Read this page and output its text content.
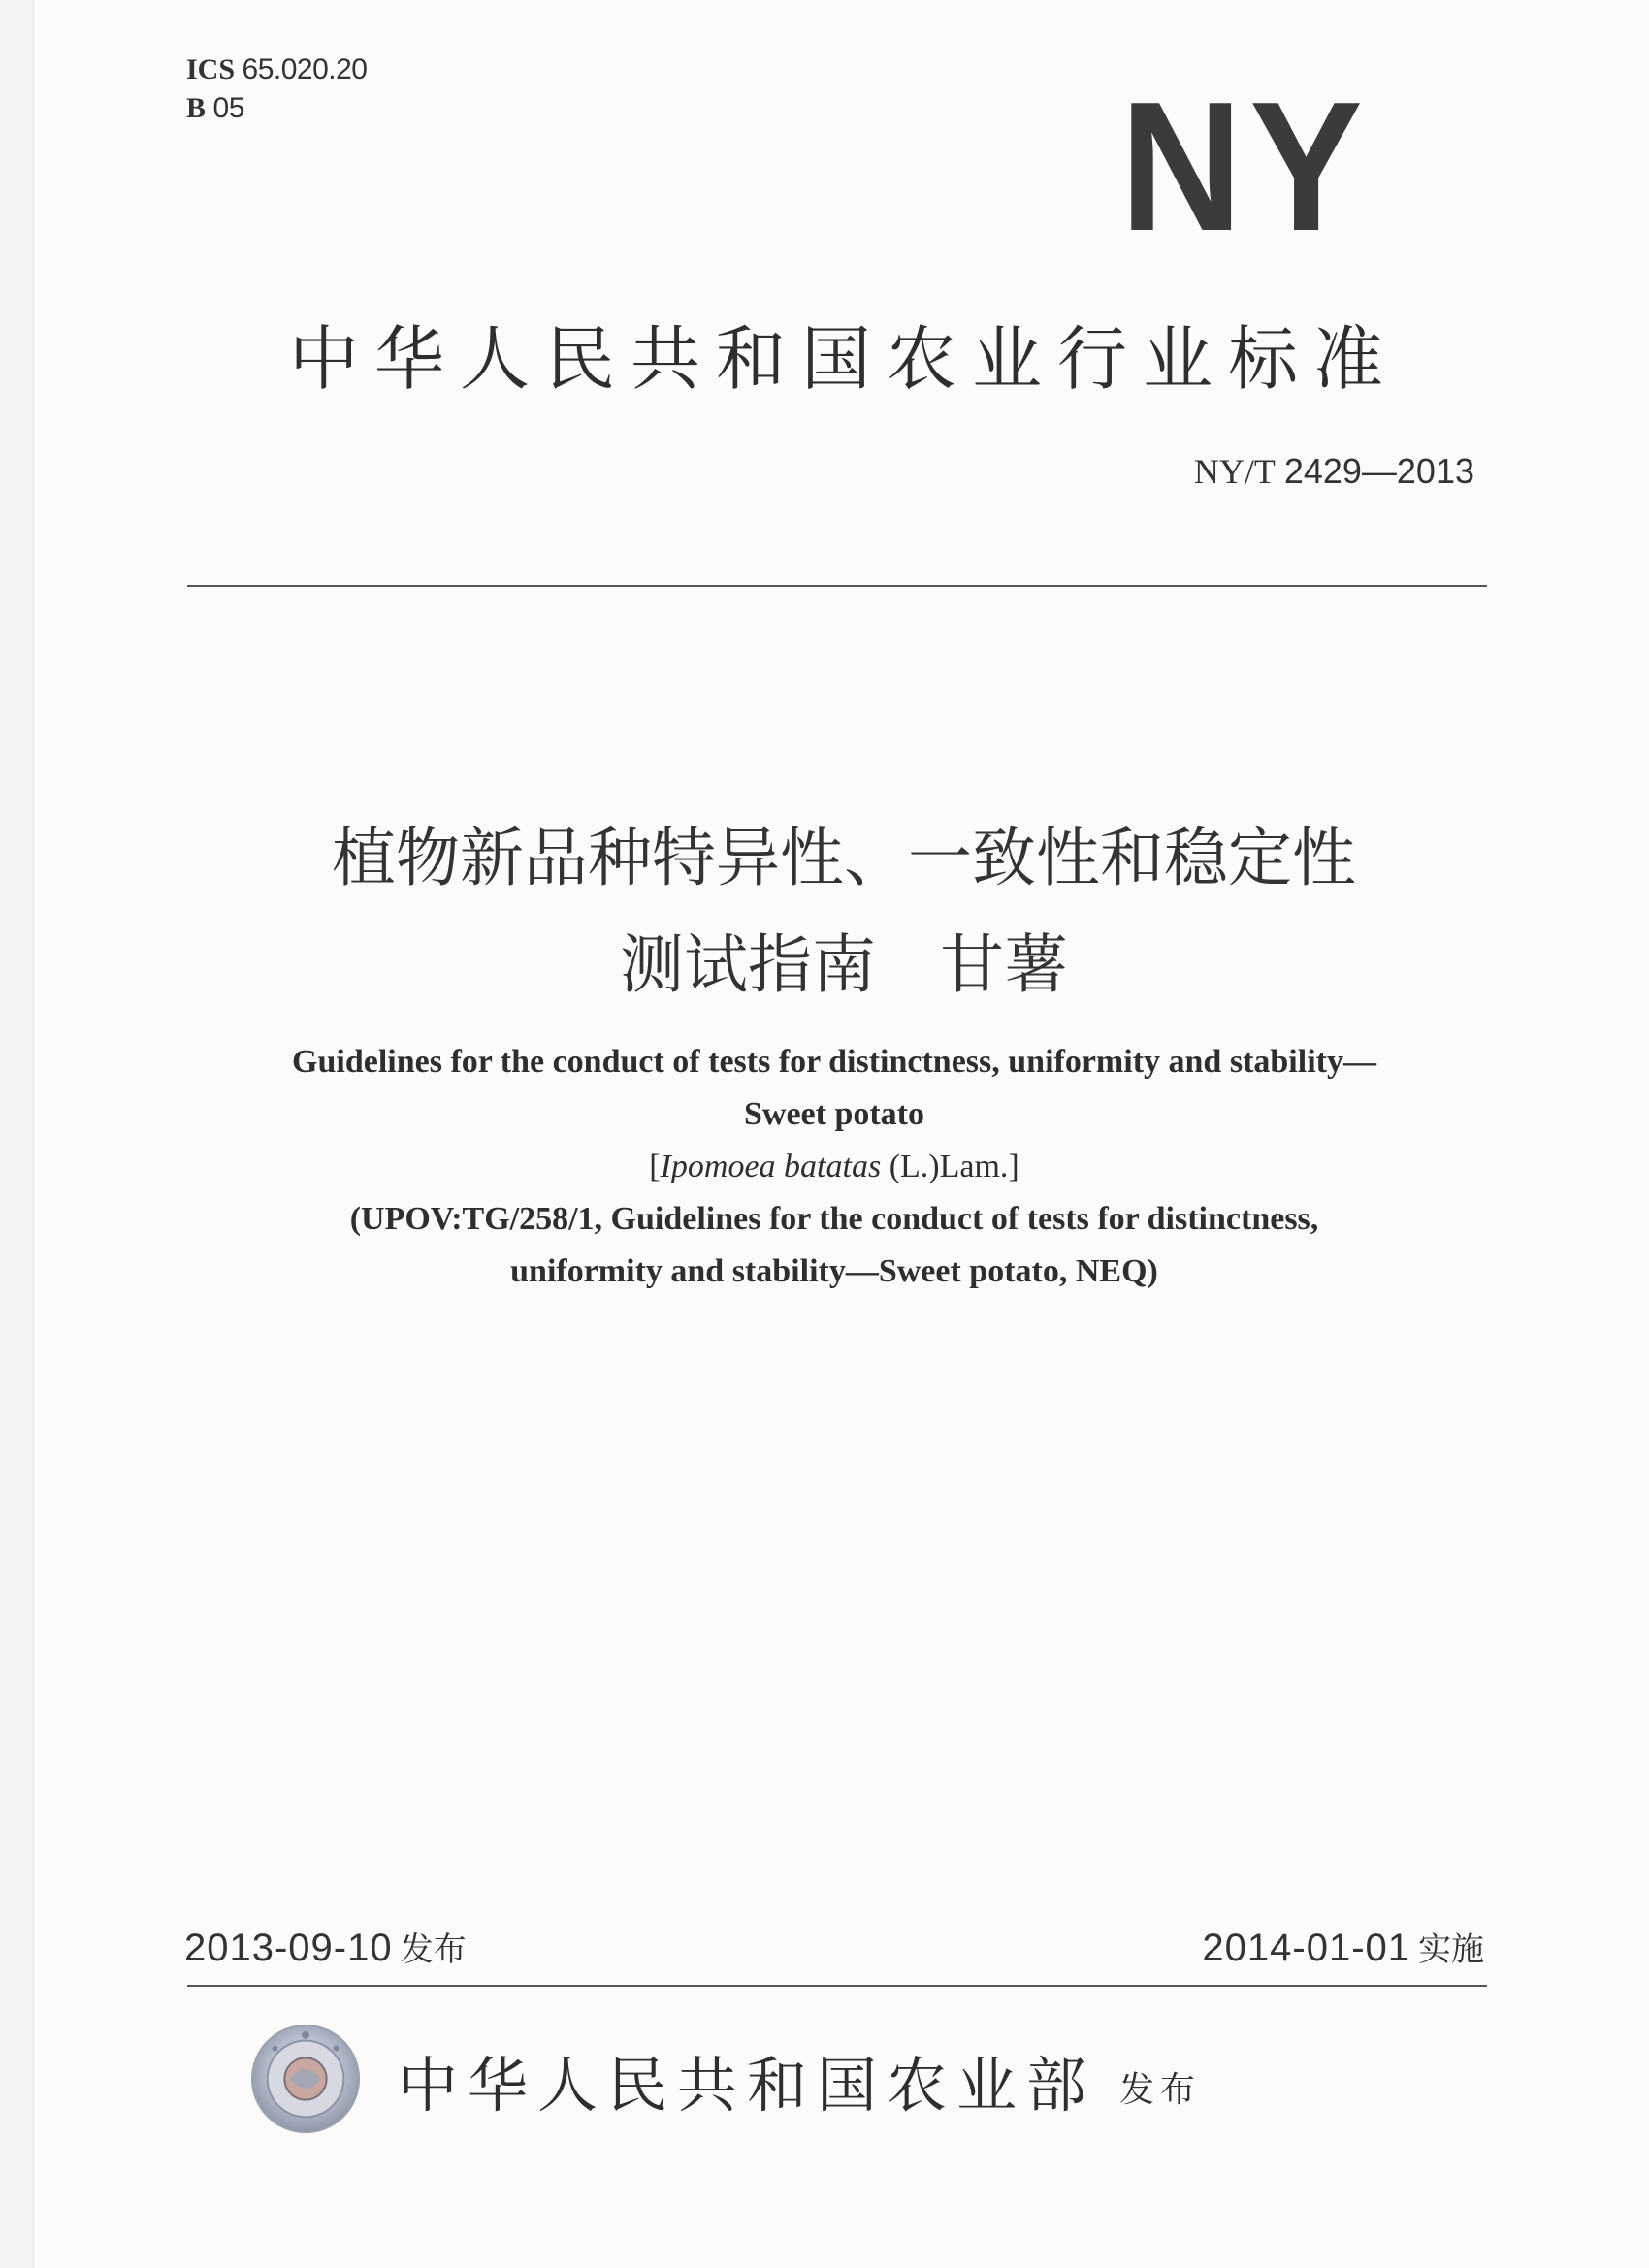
ICS 65.020.20
B 05	NY
中华人民共和国农业行业标准
NY/T 2429—2013
植物新品种特异性、一致性和稳定性
测试指南　甘薯
Guidelines for the conduct of tests for distinctness, uniformity and stability—
Sweet potato
[Ipomoea batatas (L.)Lam.]
(UPOV:TG/258/1, Guidelines for the conduct of tests for distinctness,
uniformity and stability—Sweet potato, NEQ)
2013-09-10 发布	2014-01-01 实施
中华人民共和国农业部 发布
